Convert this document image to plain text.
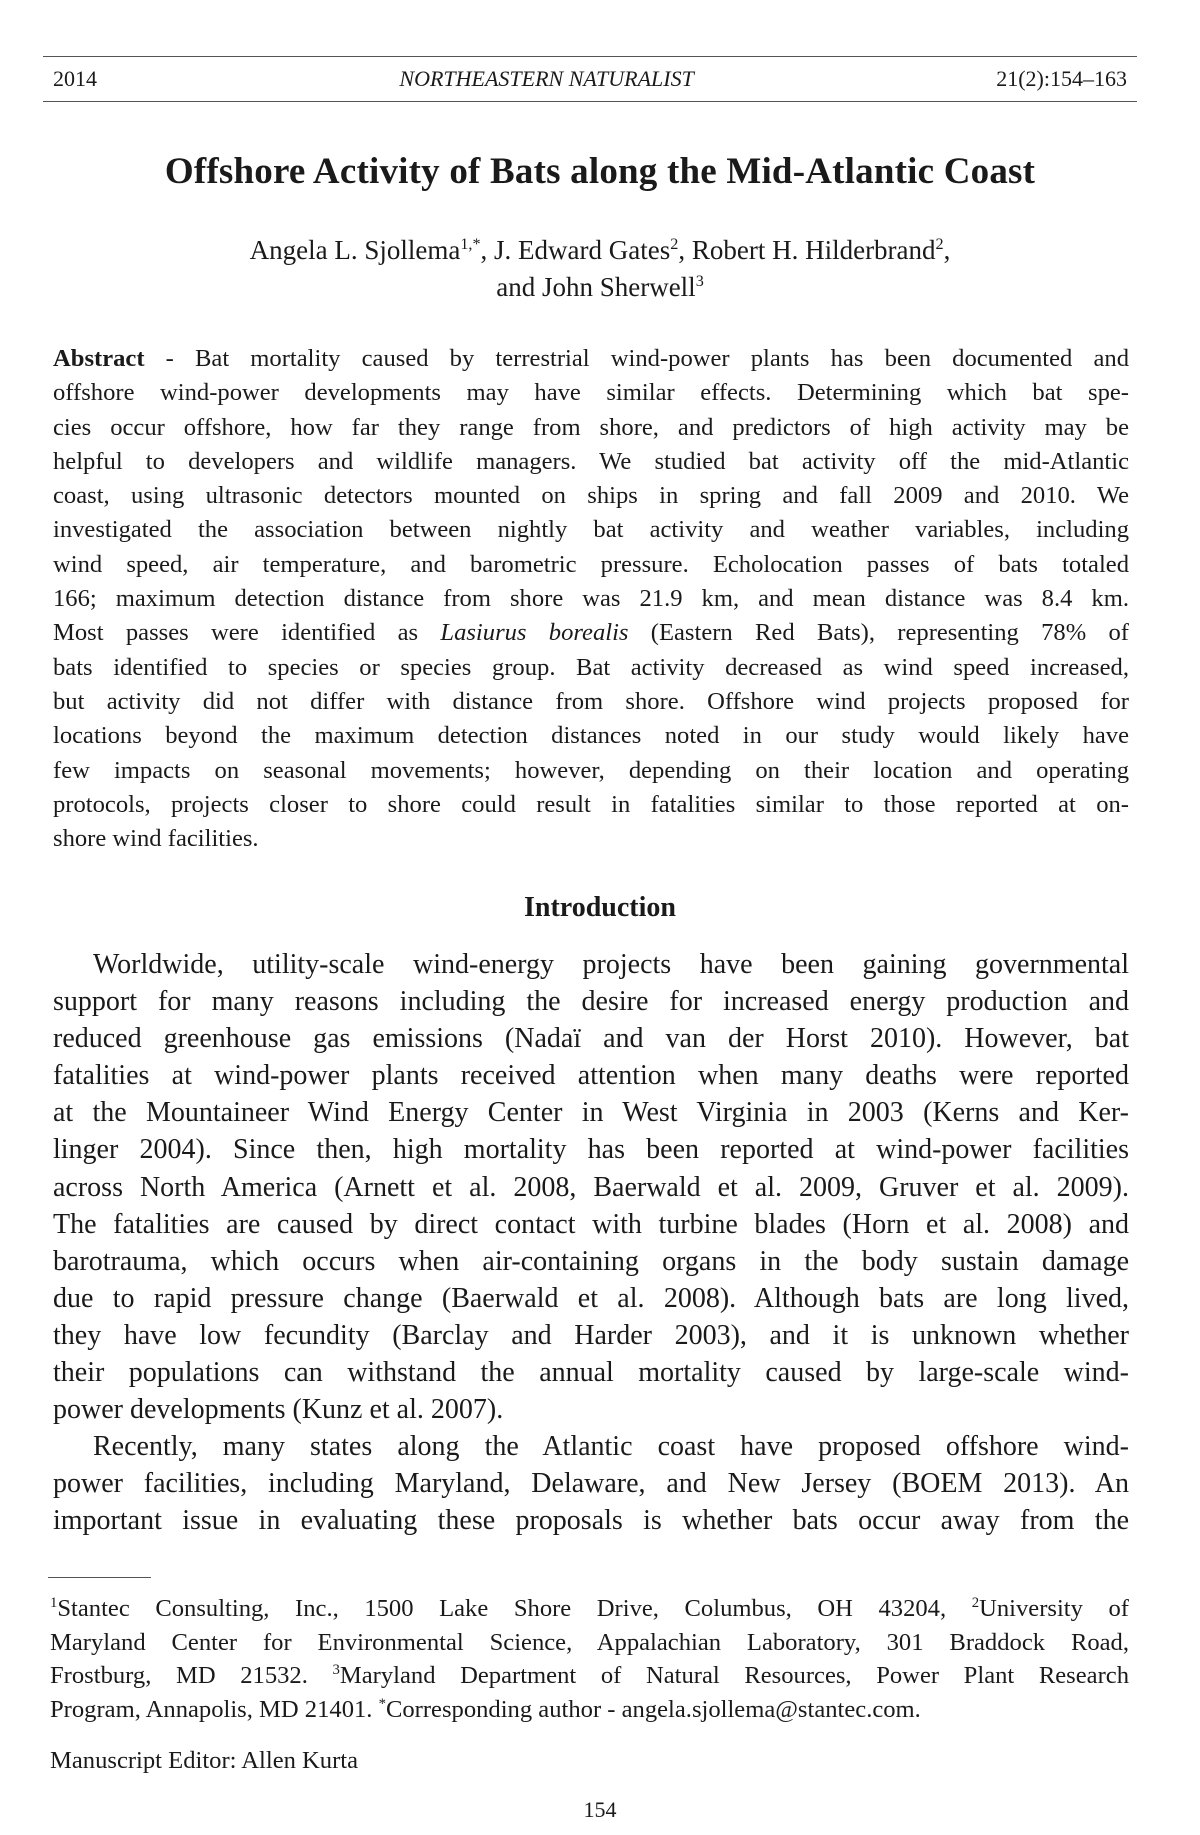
2014	NORTHEASTERN NATURALIST	21(2):154–163
Offshore Activity of Bats along the Mid-Atlantic Coast
Angela L. Sjollema$^{1,*}$, J. Edward Gates$^2$, Robert H. Hilderbrand$^2$,
and John Sherwell$^3$
Abstract - Bat mortality caused by terrestrial wind-power plants has been documented and
offshore wind-power developments may have similar effects. Determining which bat spe-
cies occur offshore, how far they range from shore, and predictors of high activity may be
helpful to developers and wildlife managers. We studied bat activity off the mid-Atlantic
coast, using ultrasonic detectors mounted on ships in spring and fall 2009 and 2010. We
investigated the association between nightly bat activity and weather variables, including
wind speed, air temperature, and barometric pressure. Echolocation passes of bats totaled
166; maximum detection distance from shore was 21.9 km, and mean distance was 8.4 km.
Most passes were identified as Lasiurus borealis (Eastern Red Bats), representing 78% of
bats identified to species or species group. Bat activity decreased as wind speed increased,
but activity did not differ with distance from shore. Offshore wind projects proposed for
locations beyond the maximum detection distances noted in our study would likely have
few impacts on seasonal movements; however, depending on their location and operating
protocols, projects closer to shore could result in fatalities similar to those reported at on-
shore wind facilities.
Introduction
Worldwide, utility-scale wind-energy projects have been gaining governmental
support for many reasons including the desire for increased energy production and
reduced greenhouse gas emissions (Nadaï and van der Horst 2010). However, bat
fatalities at wind-power plants received attention when many deaths were reported
at the Mountaineer Wind Energy Center in West Virginia in 2003 (Kerns and Ker-
linger 2004). Since then, high mortality has been reported at wind-power facilities
across North America (Arnett et al. 2008, Baerwald et al. 2009, Gruver et al. 2009).
The fatalities are caused by direct contact with turbine blades (Horn et al. 2008) and
barotrauma, which occurs when air-containing organs in the body sustain damage
due to rapid pressure change (Baerwald et al. 2008). Although bats are long lived,
they have low fecundity (Barclay and Harder 2003), and it is unknown whether
their populations can withstand the annual mortality caused by large-scale wind-
power developments (Kunz et al. 2007).
Recently, many states along the Atlantic coast have proposed offshore wind-
power facilities, including Maryland, Delaware, and New Jersey (BOEM 2013). An
important issue in evaluating these proposals is whether bats occur away from the
$^1$Stantec Consulting, Inc., 1500 Lake Shore Drive, Columbus, OH 43204, $^2$University of
Maryland Center for Environmental Science, Appalachian Laboratory, 301 Braddock Road,
Frostburg, MD 21532. $^3$Maryland Department of Natural Resources, Power Plant Research
Program, Annapolis, MD 21401. *Corresponding author - angela.sjollema@stantec.com.
Manuscript Editor: Allen Kurta
154
